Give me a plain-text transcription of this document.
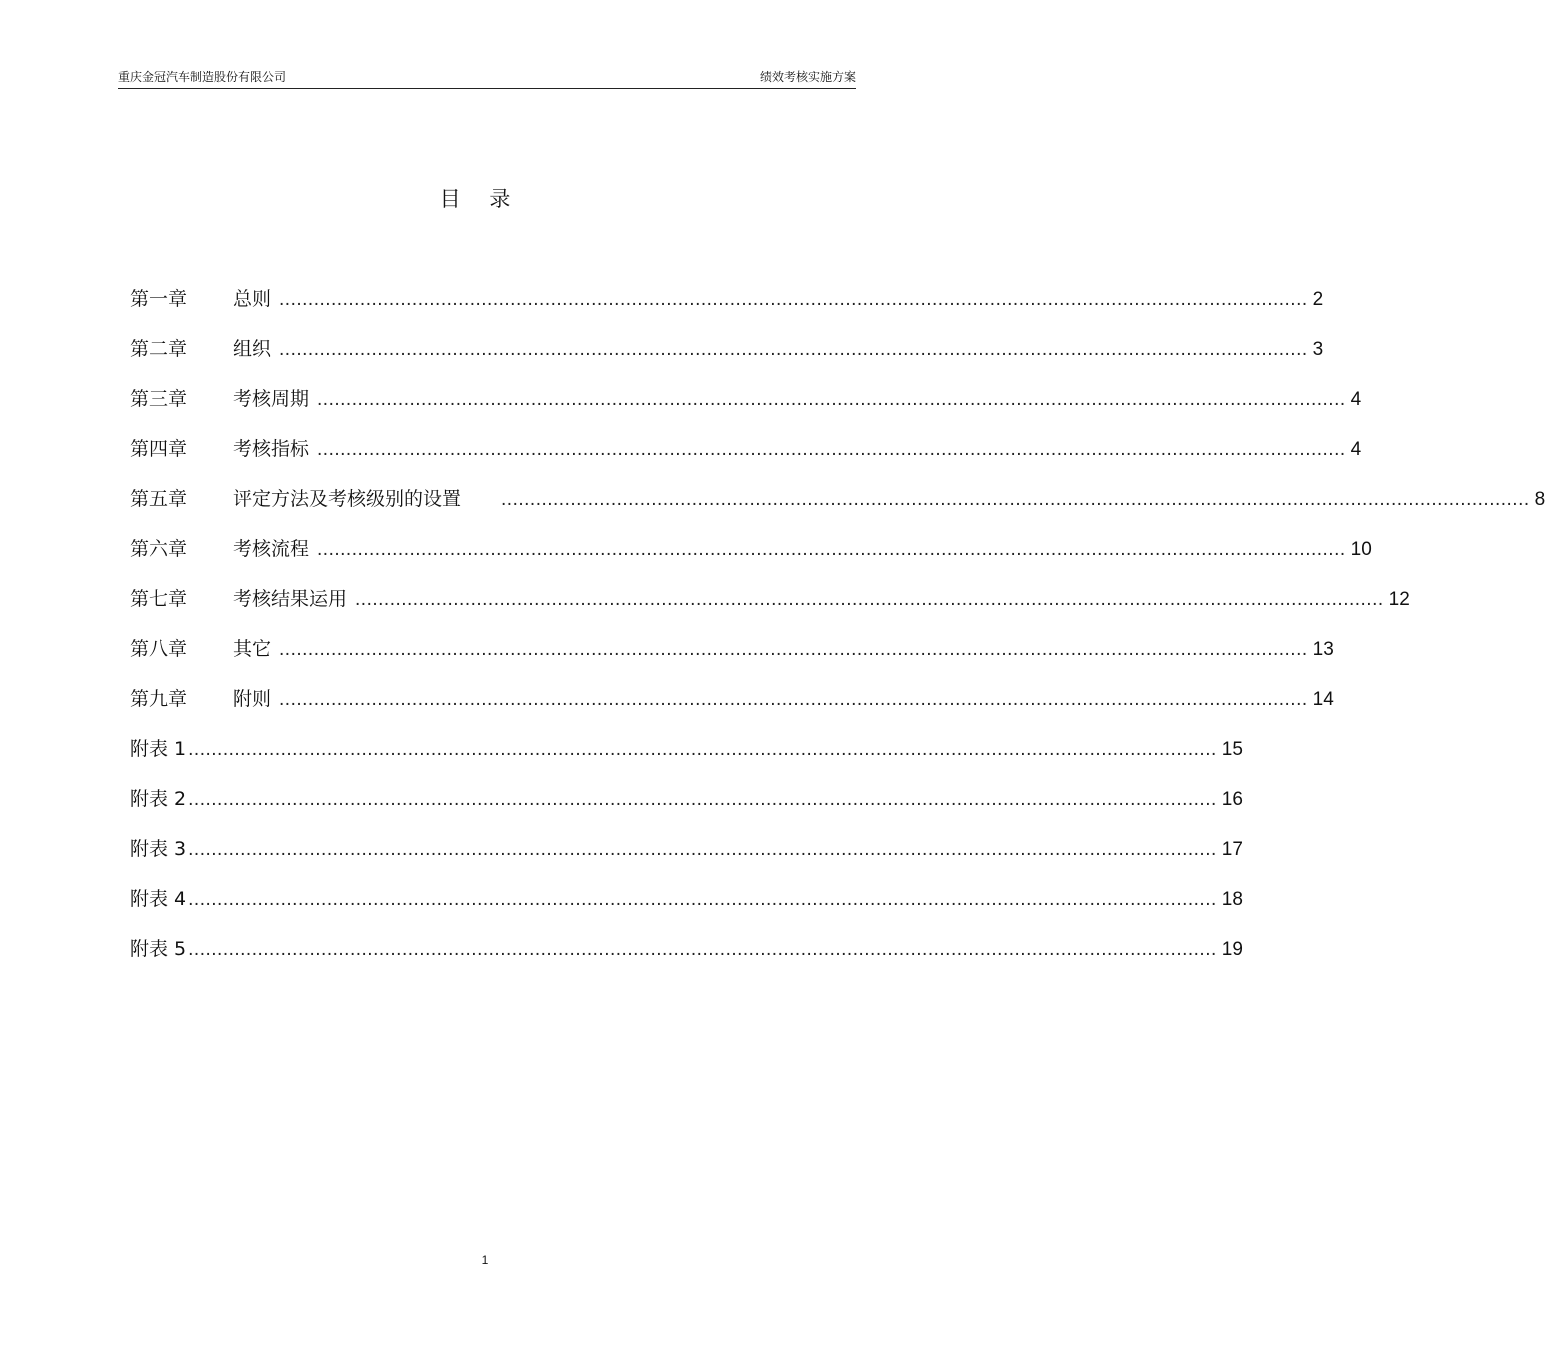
重庆金冠汽车制造股份有限公司	绩效考核实施方案
目 录
第一章	总则 .................................................................................................................................................................................. 2
第二章	组织 .................................................................................................................................................................................. 3
第三章	考核周期 .................................................................................................................................................................................. 4
第四章	考核指标 .................................................................................................................................................................................. 4
第五章	评定方法及考核级别的设置 .................................................................................................................................................................................. 8
第六章	考核流程 .................................................................................................................................................................................. 10
第七章	考核结果运用 .................................................................................................................................................................................. 12
第八章	其它 .................................................................................................................................................................................. 13
第九章	附则 .................................................................................................................................................................................. 14
附表 1 .................................................................................................................................................................................. 15
附表 2 .................................................................................................................................................................................. 16
附表 3 .................................................................................................................................................................................. 17
附表 4 .................................................................................................................................................................................. 18
附表 5 .................................................................................................................................................................................. 19
1
